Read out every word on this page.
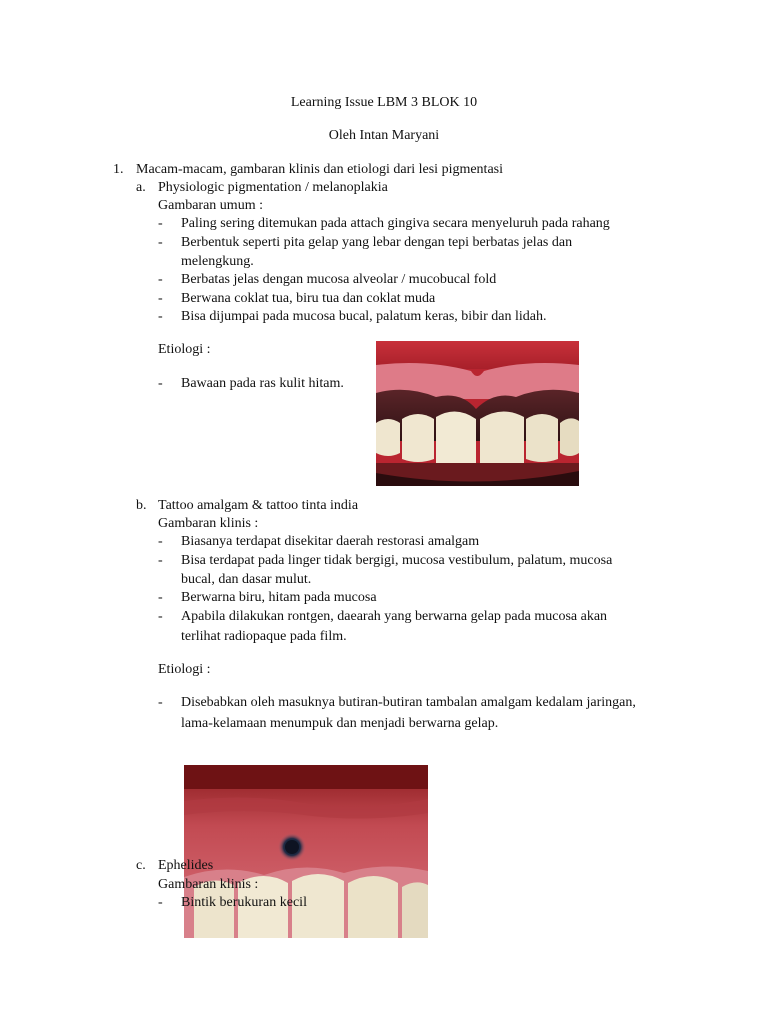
Learning Issue LBM 3 BLOK 10
Oleh Intan Maryani
1. Macam-macam, gambaran klinis dan etiologi dari lesi pigmentasi
a. Physiologic pigmentation / melanoplakia
Gambaran umum :
- Paling sering ditemukan pada attach gingiva secara menyeluruh pada rahang
- Berbentuk seperti pita gelap yang lebar dengan tepi berbatas jelas dan
melengkung.
- Berbatas jelas dengan mucosa alveolar / mucobucal fold
- Berwana coklat tua, biru tua dan coklat muda
- Bisa dijumpai pada mucosa bucal, palatum keras, bibir dan lidah.
Etiologi :
- Bawaan pada ras kulit hitam.
b. Tattoo amalgam & tattoo tinta india
Gambaran klinis :
- Biasanya terdapat disekitar daerah restorasi amalgam
- Bisa terdapat pada linger tidak bergigi, mucosa vestibulum, palatum, mucosa
bucal, dan dasar mulut.
- Berwarna biru, hitam pada mucosa
- Apabila dilakukan rontgen, daearah yang berwarna gelap pada mucosa akan
terlihat radiopaque pada film.
Etiologi :
- Disebabkan oleh masuknya butiran-butiran tambalan amalgam kedalam jaringan,
lama-kelamaan menumpuk dan menjadi berwarna gelap.
c. Ephelides
Gambaran klinis :
- Bintik berukuran kecil
